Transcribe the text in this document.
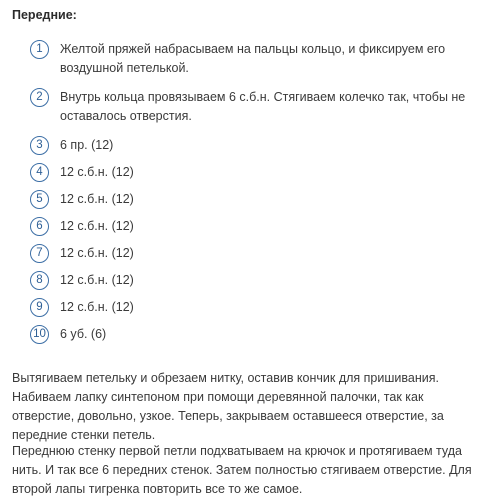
Передние:
1	Желтой пряжей набрасываем на пальцы кольцо, и фиксируем его воздушной петелькой.
2	Внутрь кольца провязываем 6 с.б.н. Стягиваем колечко так, чтобы не оставалось отверстия.
3	6 пр. (12)
4	12 с.б.н. (12)
5	12 с.б.н. (12)
6	12 с.б.н. (12)
7	12 с.б.н. (12)
8	12 с.б.н. (12)
9	12 с.б.н. (12)
10 6 уб. (6)

Вытягиваем петельку и обрезаем нитку, оставив кончик для пришивания. Набиваем лапку синтепоном при помощи деревянной палочки, так как отверстие, довольно, узкое. Теперь, закрываем оставшееся отверстие, за передние стенки петель.

Переднюю стенку первой петли подхватываем на крючок и протягиваем туда нить. И так все 6 передних стенок. Затем полностью стягиваем отверстие. Для второй лапы тигренка повторить все то же самое.
